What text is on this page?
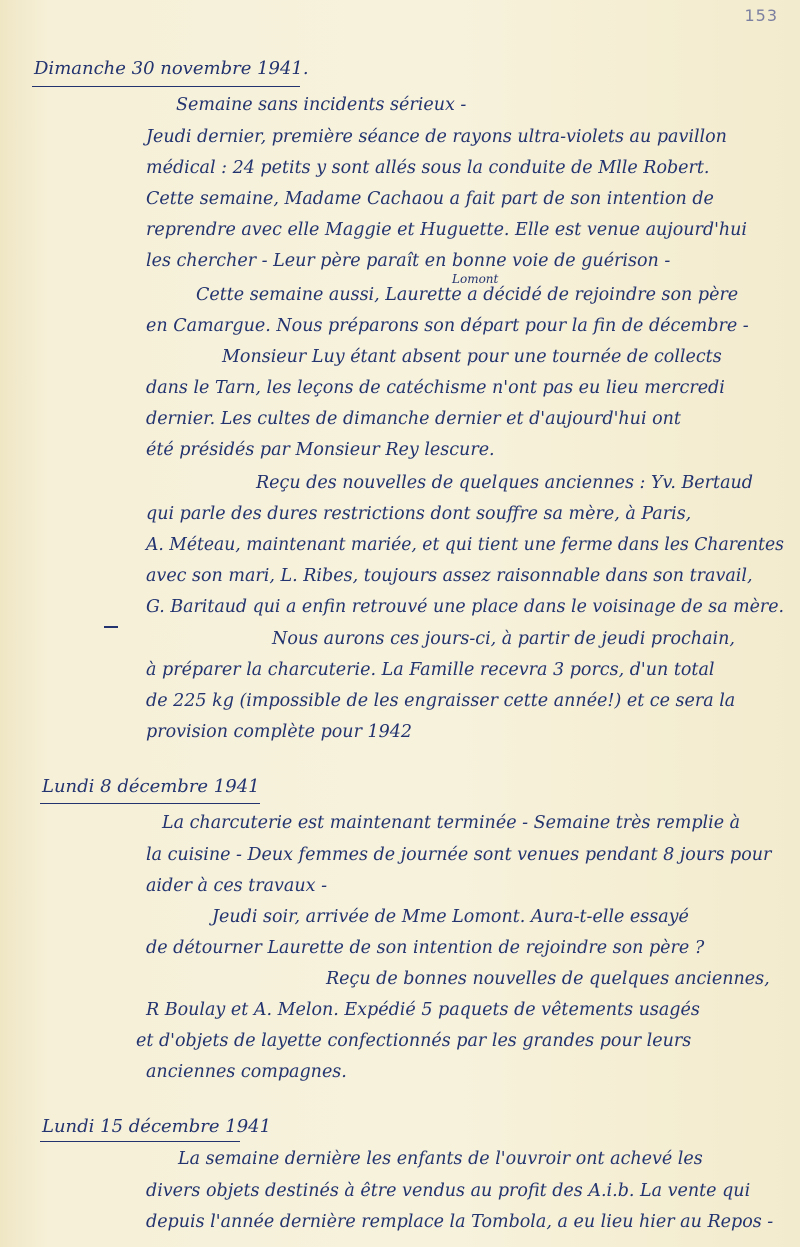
153
Dimanche 30 novembre 1941.
Semaine sans incidents sérieux -
Jeudi dernier, première séance de rayons ultra-violets au pavillon
médical : 24 petits y sont allés sous la conduite de Mlle Robert.
Cette semaine, Madame Cachaou a fait part de son intention de
reprendre avec elle Maggie et Huguette. Elle est venue aujourd'hui
les chercher - Leur père paraît en bonne voie de guérison -
Lomont
Cette semaine aussi, Laurette a décidé de rejoindre son père
en Camargue. Nous préparons son départ pour la fin de décembre -
Monsieur Luy étant absent pour une tournée de collects
dans le Tarn, les leçons de catéchisme n'ont pas eu lieu mercredi
dernier. Les cultes de dimanche dernier et d'aujourd'hui ont
été présidés par Monsieur Rey lescure.
Reçu des nouvelles de quelques anciennes : Yv. Bertaud
qui parle des dures restrictions dont souffre sa mère, à Paris,
A. Méteau, maintenant mariée, et qui tient une ferme dans les Charentes
avec son mari, L. Ribes, toujours assez raisonnable dans son travail,
G. Baritaud qui a enfin retrouvé une place dans le voisinage de sa mère.
Nous aurons ces jours-ci, à partir de jeudi prochain,
à préparer la charcuterie. La Famille recevra 3 porcs, d'un total
de 225 kg (impossible de les engraisser cette année!) et ce sera la
provision complète pour 1942
Lundi 8 décembre 1941
La charcuterie est maintenant terminée - Semaine très remplie à
la cuisine - Deux femmes de journée sont venues pendant 8 jours pour
aider à ces travaux -
Jeudi soir, arrivée de Mme Lomont. Aura-t-elle essayé
de détourner Laurette de son intention de rejoindre son père ?
Reçu de bonnes nouvelles de quelques anciennes,
R Boulay et A. Melon. Expédié 5 paquets de vêtements usagés
et d'objets de layette confectionnés par les grandes pour leurs
anciennes compagnes.
Lundi 15 décembre 1941
La semaine dernière les enfants de l'ouvroir ont achevé les
divers objets destinés à être vendus au profit des A.i.b. La vente qui
depuis l'année dernière remplace la Tombola, a eu lieu hier au Repos -
